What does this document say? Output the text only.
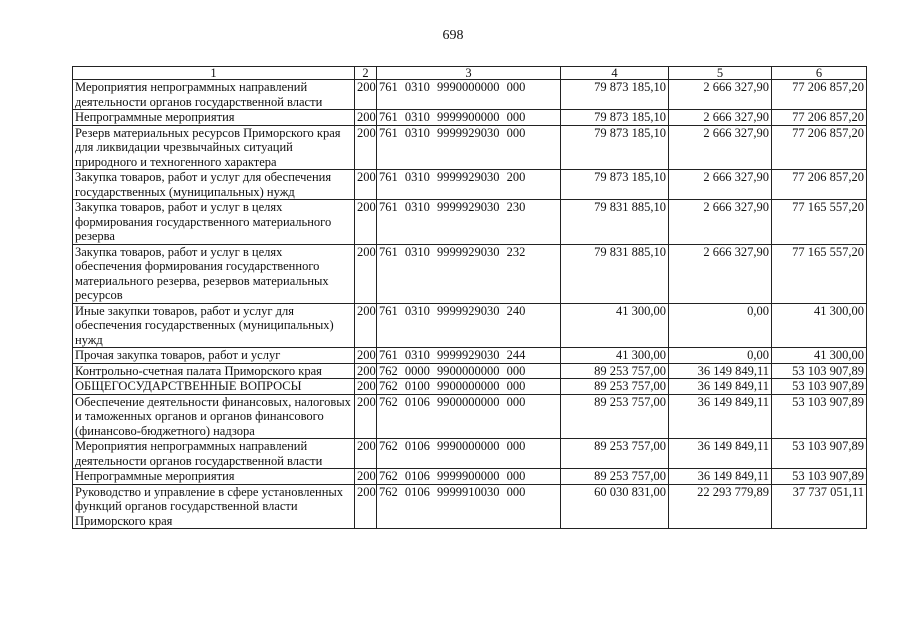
698
1	2	3	4	5	6
Мероприятия непрограммных направлений деятельности органов государственной власти	200	761 0310 9990000000 000	79 873 185,10	2 666 327,90	77 206 857,20
Непрограммные мероприятия	200	761 0310 9999900000 000	79 873 185,10	2 666 327,90	77 206 857,20
Резерв материальных ресурсов Приморского края для ликвидации чрезвычайных ситуаций природного и техногенного характера	200	761 0310 9999929030 000	79 873 185,10	2 666 327,90	77 206 857,20
Закупка товаров, работ и услуг для обеспечения государственных (муниципальных) нужд	200	761 0310 9999929030 200	79 873 185,10	2 666 327,90	77 206 857,20
Закупка товаров, работ и услуг в целях формирования государственного материального резерва	200	761 0310 9999929030 230	79 831 885,10	2 666 327,90	77 165 557,20
Закупка товаров, работ и услуг в целях обеспечения формирования государственного материального резерва, резервов материальных ресурсов	200	761 0310 9999929030 232	79 831 885,10	2 666 327,90	77 165 557,20
Иные закупки товаров, работ и услуг для обеспечения государственных (муниципальных) нужд	200	761 0310 9999929030 240	41 300,00	0,00	41 300,00
Прочая закупка товаров, работ и услуг	200	761 0310 9999929030 244	41 300,00	0,00	41 300,00
Контрольно-счетная палата Приморского края	200	762 0000 9900000000 000	89 253 757,00	36 149 849,11	53 103 907,89
ОБЩЕГОСУДАРСТВЕННЫЕ ВОПРОСЫ	200	762 0100 9900000000 000	89 253 757,00	36 149 849,11	53 103 907,89
Обеспечение деятельности финансовых, налоговых и таможенных органов и органов финансового (финансово-бюджетного) надзора	200	762 0106 9900000000 000	89 253 757,00	36 149 849,11	53 103 907,89
Мероприятия непрограммных направлений деятельности органов государственной власти	200	762 0106 9990000000 000	89 253 757,00	36 149 849,11	53 103 907,89
Непрограммные мероприятия	200	762 0106 9999900000 000	89 253 757,00	36 149 849,11	53 103 907,89
Руководство и управление в сфере установленных функций органов государственной власти Приморского края	200	762 0106 9999910030 000	60 030 831,00	22 293 779,89	37 737 051,11
